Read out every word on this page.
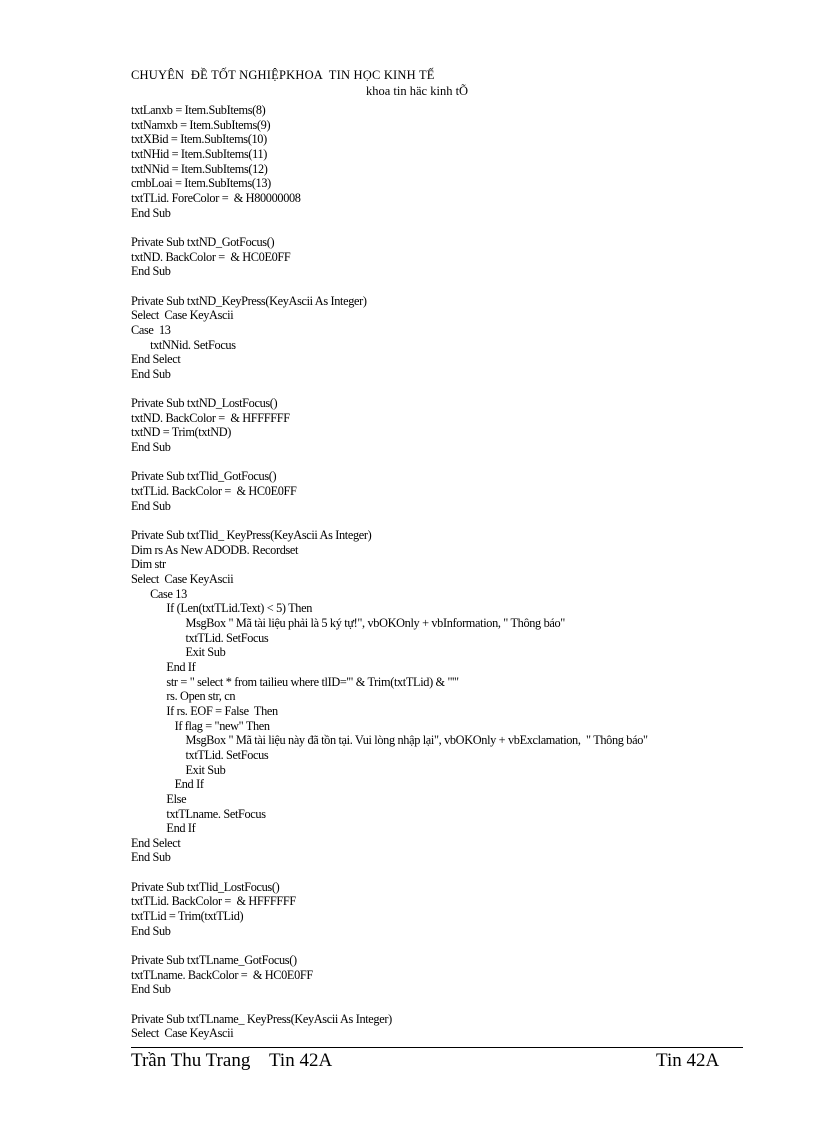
CHUYÊN  ĐỀ TỐT NGHIỆPKHOA  TIN HỌC KINH TẾ
khoa tin häc kinh tÕ
txtLanxb = Item.SubItems(8)
txtNamxb = Item.SubItems(9)
txtXBid = Item.SubItems(10)
txtNHid = Item.SubItems(11)
txtNNid = Item.SubItems(12)
cmbLoai = Item.SubItems(13)
txtTLid. ForeColor =  & H80000008
End Sub
Private Sub txtND_GotFocus()
txtND. BackColor =  & HC0E0FF
End Sub
Private Sub txtND_KeyPress(KeyAscii As Integer)
Select  Case KeyAscii
Case  13
txtNNid. SetFocus
End Select
End Sub
Private Sub txtND_LostFocus()
txtND. BackColor =  & HFFFFFF
txtND = Trim(txtND)
End Sub
Private Sub txtTlid_GotFocus()
txtTLid. BackColor =  & HC0E0FF
End Sub
Private Sub txtTlid_ KeyPress(KeyAscii As Integer)
Dim rs As New ADODB. Recordset
Dim str
Select  Case KeyAscii
Case 13
If (Len(txtTLid.Text) < 5) Then
MsgBox " Mã tài liệu phải là 5 ký tự!", vbOKOnly + vbInformation, " Thông báo"
txtTLid. SetFocus
Exit Sub
End If
str = " select * from tailieu where tlID='" & Trim(txtTLid) & "'"
rs. Open str, cn
If rs. EOF = False  Then
If flag = "new" Then
MsgBox " Mã tài liệu này đã tồn tại. Vui lòng nhập lại", vbOKOnly + vbExclamation,  " Thông báo"
txtTLid. SetFocus
Exit Sub
End If
Else
txtTLname. SetFocus
End If
End Select
End Sub
Private Sub txtTlid_LostFocus()
txtTLid. BackColor =  & HFFFFFF
txtTLid = Trim(txtTLid)
End Sub
Private Sub txtTLname_GotFocus()
txtTLname. BackColor =  & HC0E0FF
End Sub
Private Sub txtTLname_ KeyPress(KeyAscii As Integer)
Select  Case KeyAscii
Trần Thu Trang    Tin 42A	Tin 42A
